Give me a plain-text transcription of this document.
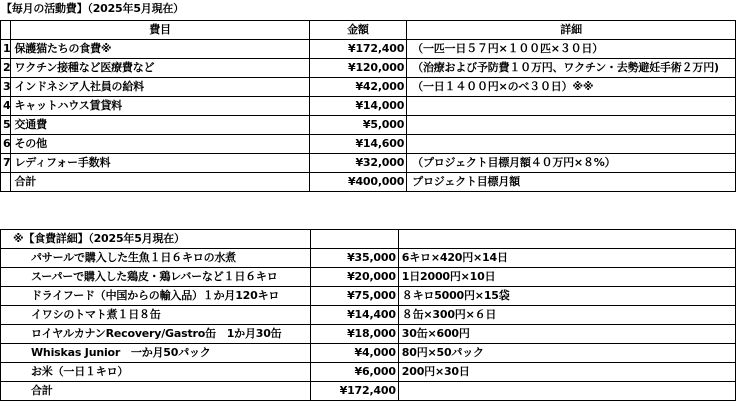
【毎月の活動費】（2025年5月現在）
	費目	金額	詳細
1	保護猫たちの食費※	¥172,400	（一匹一日５７円×１００匹×３０日）
2	ワクチン接種など医療費など	¥120,000	（治療および予防費１０万円、ワクチン・去勢避妊手術２万円)
3	インドネシア人社員の給料	¥42,000	（一日１４００円×のべ３０日）※※
4	キャットハウス賃貸料	¥14,000	
5	交通費	¥5,000	
6	その他	¥14,600	
7	レディフォー手数料	¥32,000	（プロジェクト目標月額４０万円×８%）
	合計	¥400,000	プロジェクト目標月額
※【食費詳細】（2025年5月現在）		
パサールで購入した生魚１日６キロの水煮	¥35,000	6キロ×420円×14日
スーパーで購入した鶏皮・鶏レバーなど１日６キロ	¥20,000	1日2000円×10日
ドライフード（中国からの輸入品）１か月120キロ	¥75,000	８キロ5000円×15袋
イワシのトマト煮１日８缶	¥14,400	８缶×300円×６日
ロイヤルカナンRecovery/Gastro缶　1か月30缶	¥18,000	30缶×600円
Whiskas Junior　一か月50パック	¥4,000	80円×50パック
お米（一日１キロ）	¥6,000	200円×30日
合計	¥172,400	
